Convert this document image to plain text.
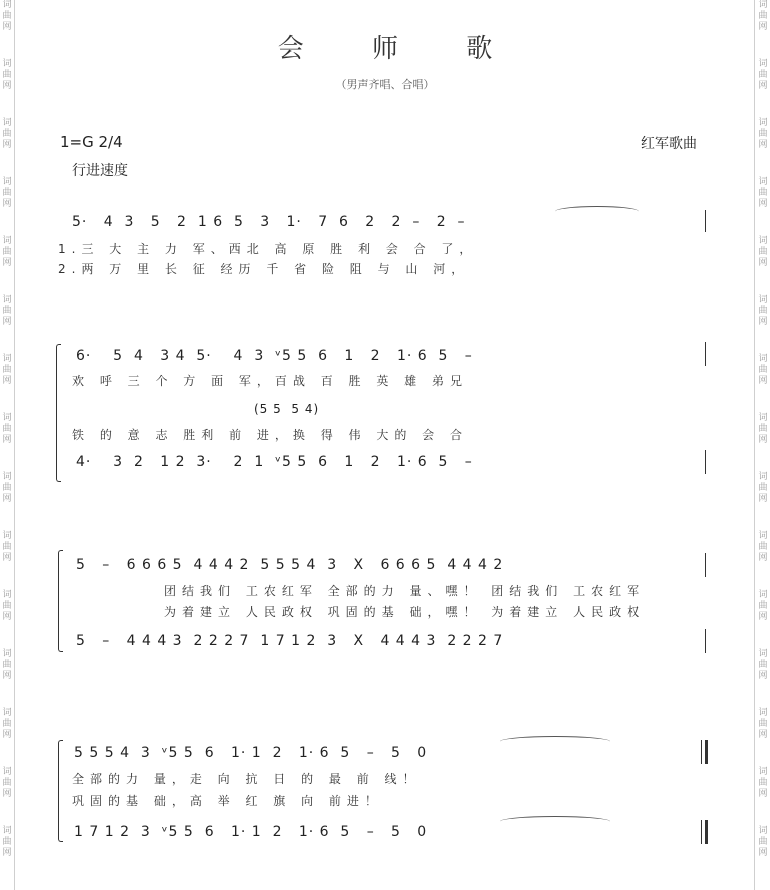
词
曲
网

词
曲
网

词
曲
网

词
曲
网

词
曲
网

词
曲
网

词
曲
网

词
曲
网

词
曲
网

词
曲
网

词
曲
网

词
曲
网

词
曲
网

词
曲
网

词
曲
网

词
曲
网

词
曲
网

词
曲
网

词
曲
网

词
曲
网

词
曲
网

词
曲
网

词
曲
网

词
曲
网

词
曲
网

词
曲
网

词
曲
网

词
曲
网

词
曲
网

词
曲
网

会 师 歌
（男声齐唱、合唱）
1=G 2/4
行进速度
红军歌曲
5·   4  3   5   2  1 6  5   3   1·   7  6   2   2  –   2  –
1.三 大 主 力 军、西北 高 原 胜 利 会 合 了，
2.两 万 里 长 征 经历 千 省 险 阻 与 山 河，
6·    5  4   3 4  5·    4  3  ᵛ5 5  6   1   2   1· 6  5   –
欢 呼 三 个 方 面 军，百战 百 胜 英 雄 弟兄
(5 5  5 4)
铁 的 意 志 胜利 前 进，换 得 伟 大的 会 合
4·    3  2   1 2  3·    2  1  ᵛ5 5  6   1   2   1· 6  5   –
5   –   6 6 6 5  4 4 4 2  5 5 5 4  3   X   6 6 6 5  4 4 4 2
团结我们 工农红军 全部的力 量、嘿！ 团结我们 工农红军
为着建立 人民政权 巩固的基 础，嘿！ 为着建立 人民政权
5   –   4 4 4 3  2 2 2 7  1 7 1 2  3   X   4 4 4 3  2 2 2 7
5 5 5 4  3  ᵛ5 5  6   1· 1  2   1· 6  5   –   5   0
全部的力 量，走 向 抗 日 的 最 前 线！
巩固的基 础，高 举 红 旗 向 前进！
1 7 1 2  3  ᵛ5 5  6   1· 1  2   1· 6  5   –   5   0
